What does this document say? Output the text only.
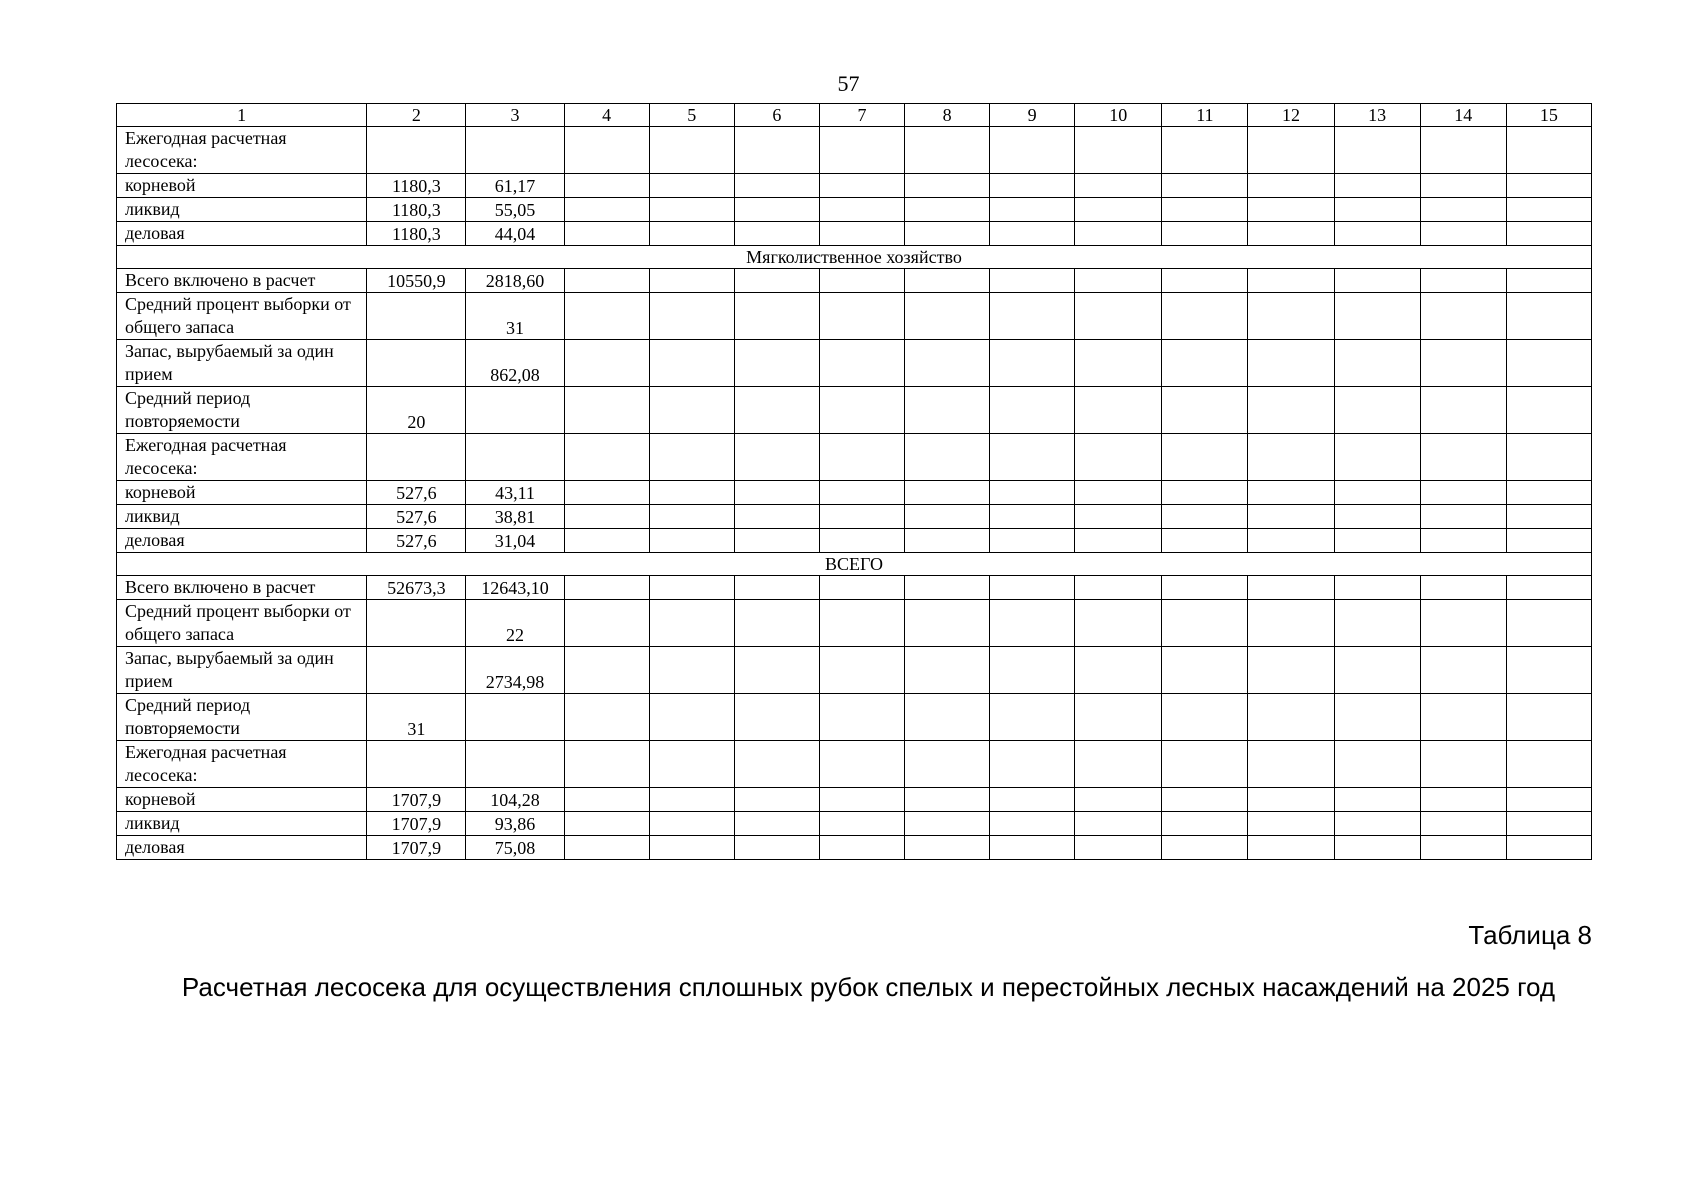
57
1	2	3	4	5	6	7	8	9	10	11	12	13	14	15
Ежегодная расчетная лесосека:														
корневой	1180,3	61,17												
ликвид	1180,3	55,05												
деловая	1180,3	44,04												
Мягколиственное хозяйство														
Всего включено в расчет	10550,9	2818,60												
Средний процент выборки от общего запаса		31												
Запас, вырубаемый за один прием		862,08												
Средний период повторяемости	20													
Ежегодная расчетная лесосека:														
корневой	527,6	43,11												
ликвид	527,6	38,81												
деловая	527,6	31,04												
ВСЕГО														
Всего включено в расчет	52673,3	12643,10												
Средний процент выборки от общего запаса		22												
Запас, вырубаемый за один прием		2734,98												
Средний период повторяемости	31													
Ежегодная расчетная лесосека:														
корневой	1707,9	104,28												
ликвид	1707,9	93,86												
деловая	1707,9	75,08												
Таблица 8
Расчетная лесосека для осуществления сплошных рубок спелых и перестойных лесных насаждений на 2025 год
